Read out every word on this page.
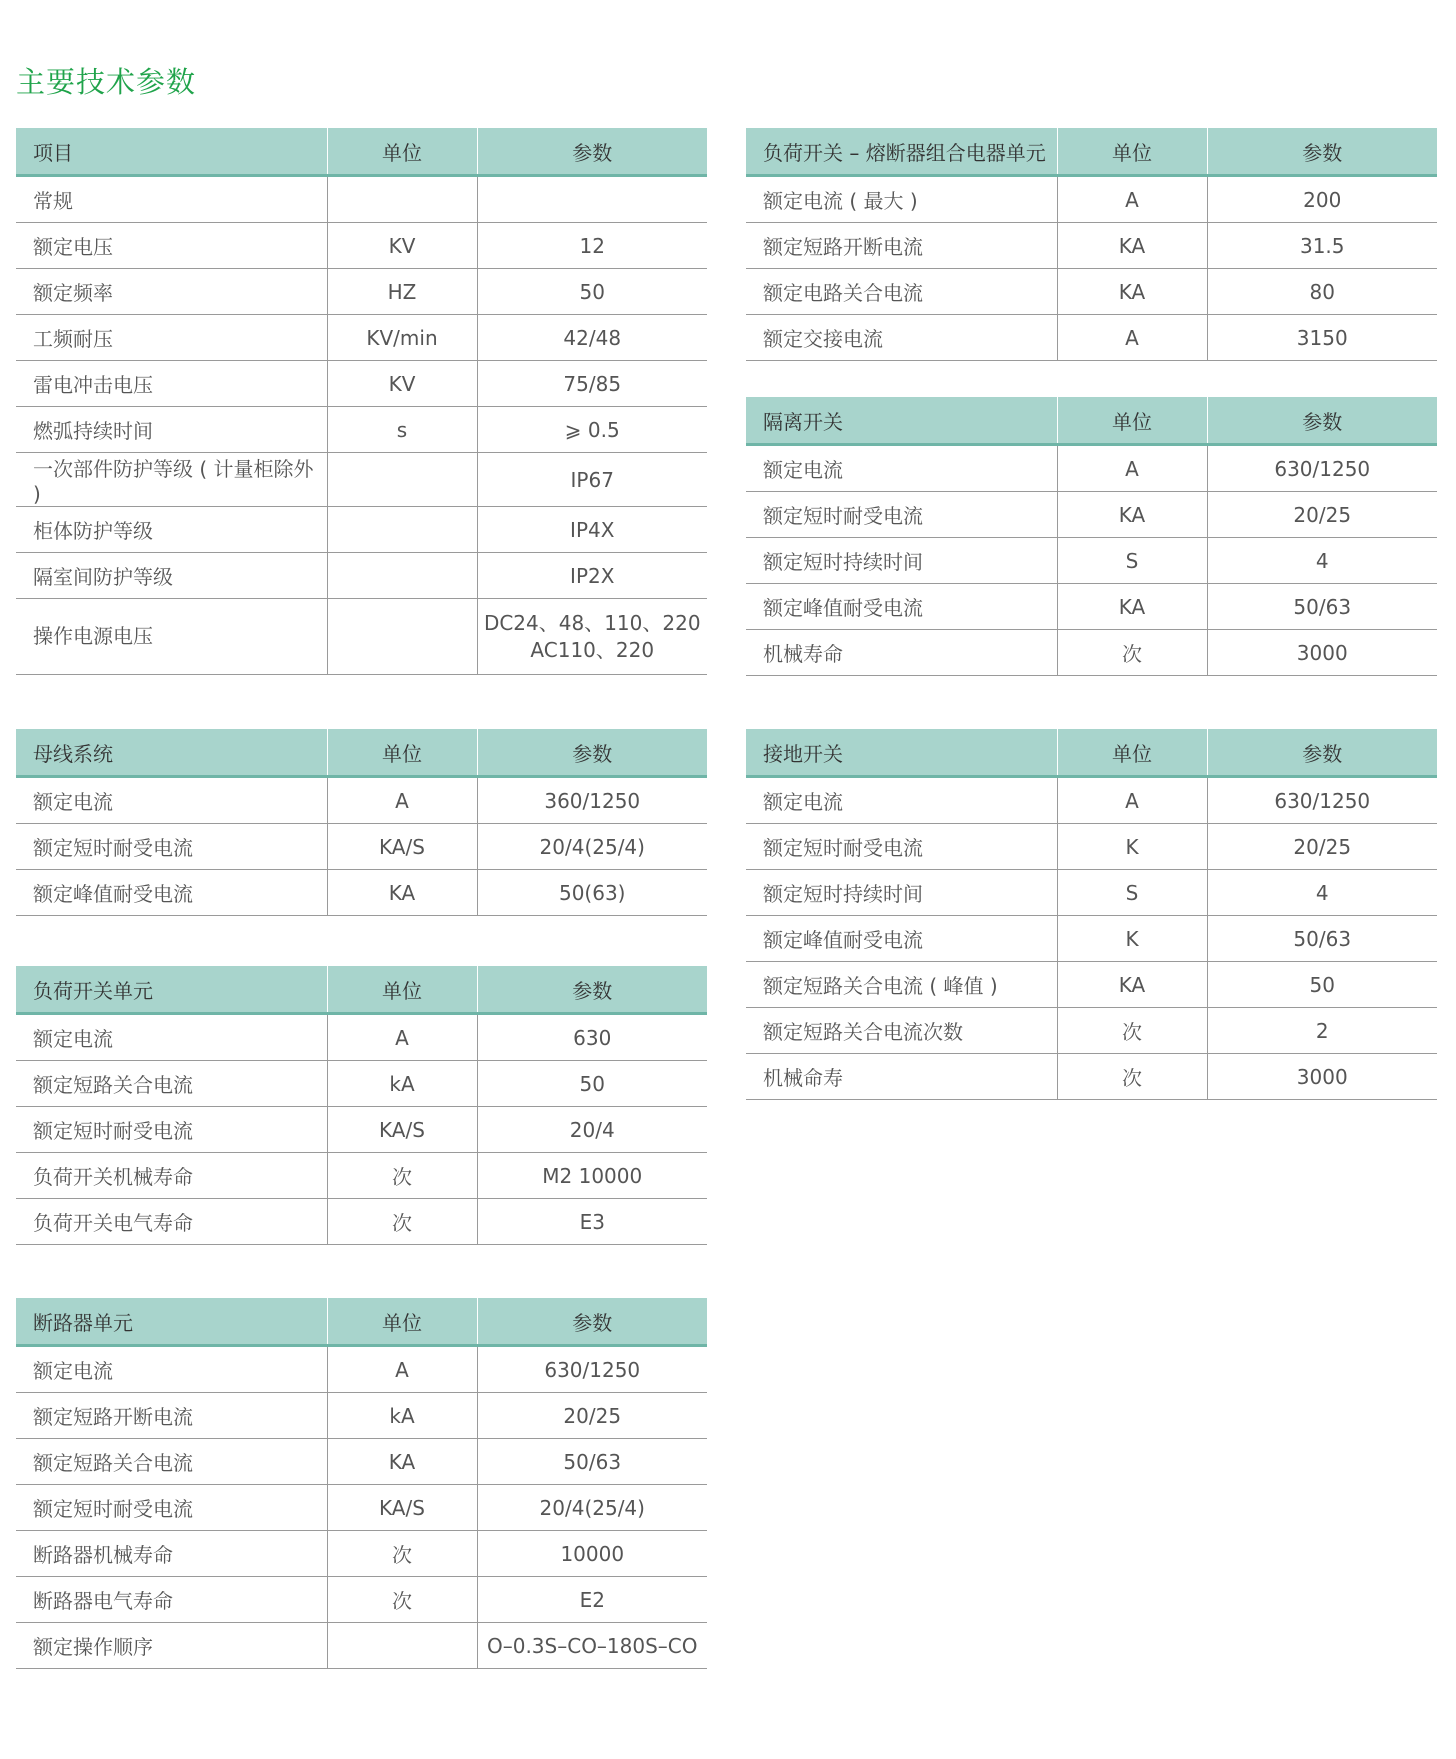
主要技术参数
项目	单位	参数
常规		
额定电压	KV	12
额定频率	HZ	50
工频耐压	KV/min	42/48
雷电冲击电压	KV	75/85
燃弧持续时间	s	⩾ 0.5
一次部件防护等级 ( 计量柜除外 )		IP67
柜体防护等级		IP4X
隔室间防护等级		IP2X
操作电源电压		DC24、48、110、220
AC110、220
母线系统	单位	参数
额定电流	A	360/1250
额定短时耐受电流	KA/S	20/4(25/4)
额定峰值耐受电流	KA	50(63)
负荷开关单元	单位	参数
额定电流	A	630
额定短路关合电流	kA	50
额定短时耐受电流	KA/S	20/4
负荷开关机械寿命	次	M2 10000
负荷开关电气寿命	次	E3
断路器单元	单位	参数
额定电流	A	630/1250
额定短路开断电流	kA	20/25
额定短路关合电流	KA	50/63
额定短时耐受电流	KA/S	20/4(25/4)
断路器机械寿命	次	10000
断路器电气寿命	次	E2
额定操作顺序		O–0.3S–CO–180S–CO
负荷开关 – 熔断器组合电器单元	单位	参数
额定电流 ( 最大 )	A	200
额定短路开断电流	KA	31.5
额定电路关合电流	KA	80
额定交接电流	A	3150
隔离开关	单位	参数
额定电流	A	630/1250
额定短时耐受电流	KA	20/25
额定短时持续时间	S	4
额定峰值耐受电流	KA	50/63
机械寿命	次	3000
接地开关	单位	参数
额定电流	A	630/1250
额定短时耐受电流	K	20/25
额定短时持续时间	S	4
额定峰值耐受电流	K	50/63
额定短路关合电流 ( 峰值 )	KA	50
额定短路关合电流次数	次	2
机械命寿	次	3000
